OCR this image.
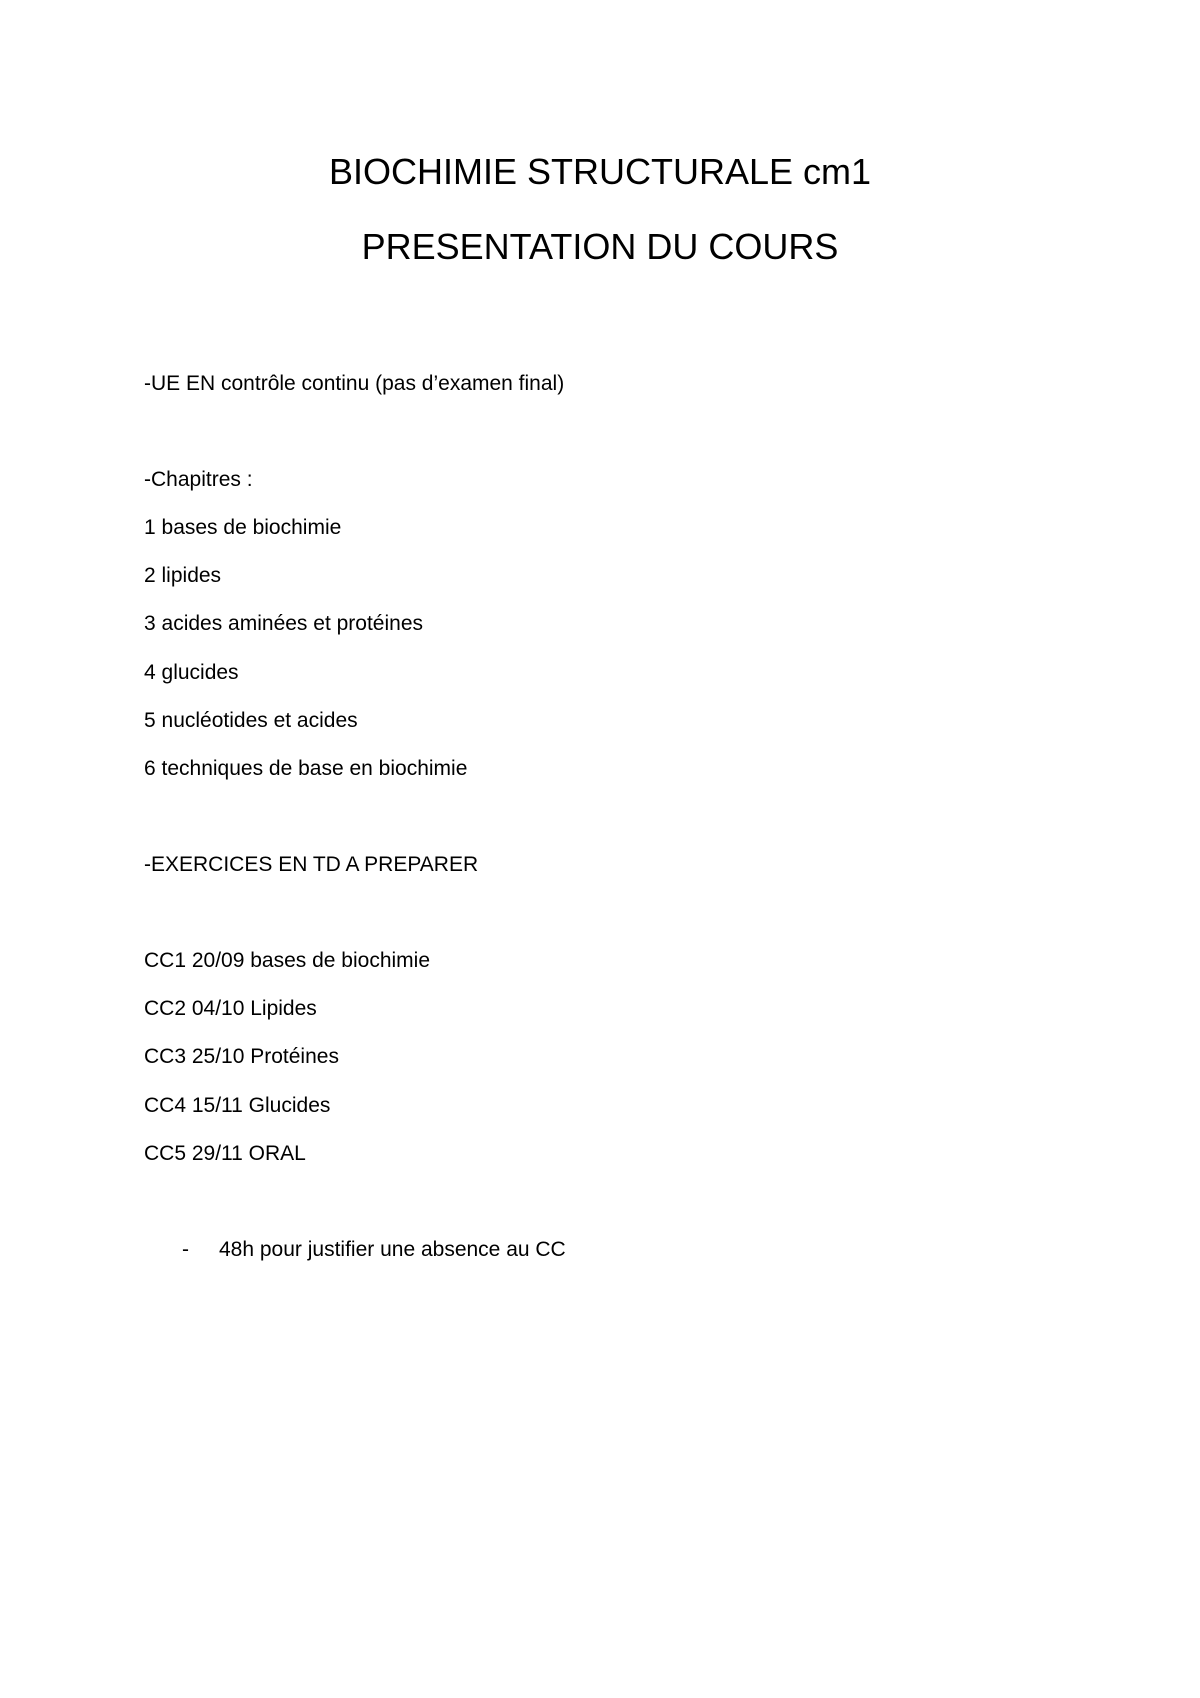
BIOCHIMIE STRUCTURALE cm1
PRESENTATION DU COURS
-UE EN contrôle continu (pas d’examen final)
-Chapitres :
1 bases de biochimie
2 lipides
3 acides aminées et protéines
4 glucides
5 nucléotides et acides
6 techniques de base en biochimie
-EXERCICES EN TD A PREPARER
CC1 20/09 bases de biochimie
CC2 04/10 Lipides
CC3 25/10 Protéines
CC4 15/11 Glucides
CC5 29/11 ORAL
- 48h pour justifier une absence au CC
